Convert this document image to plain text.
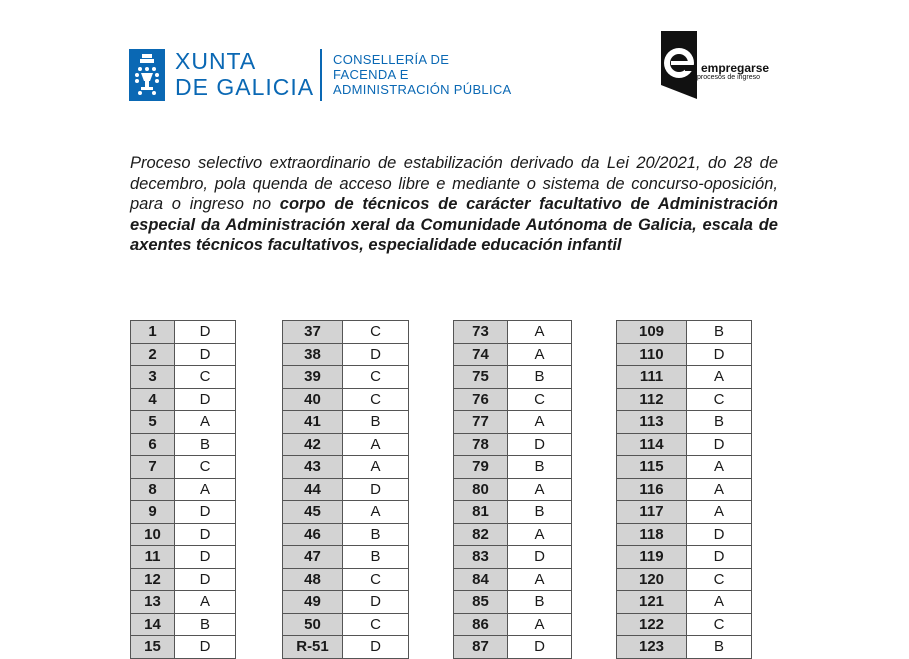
XUNTA
DE GALICIA
CONSELLERÍA DE
FACENDA E
ADMINISTRACIÓN PÚBLICA
empregarse
procesos de ingreso
Proceso selectivo extraordinario de estabilización derivado da Lei 20/2021, do 28 de decembro, pola quenda de acceso libre e mediante o sistema de concurso-oposición, para o ingreso no corpo de técnicos de carácter facultativo de Administración especial da Administración xeral da Comunidade Autónoma de Galicia, escala de axentes técnicos facultativos, especialidade educación infantil
1	D
2	D
3	C
4	D
5	A
6	B
7	C
8	A
9	D
10	D
11	D
12	D
13	A
14	B
15	D
37	C
38	D
39	C
40	C
41	B
42	A
43	A
44	D
45	A
46	B
47	B
48	C
49	D
50	C
R-51	D
73	A
74	A
75	B
76	C
77	A
78	D
79	B
80	A
81	B
82	A
83	D
84	A
85	B
86	A
87	D
109	B
110	D
111	A
112	C
113	B
114	D
115	A
116	A
117	A
118	D
119	D
120	C
121	A
122	C
123	B
